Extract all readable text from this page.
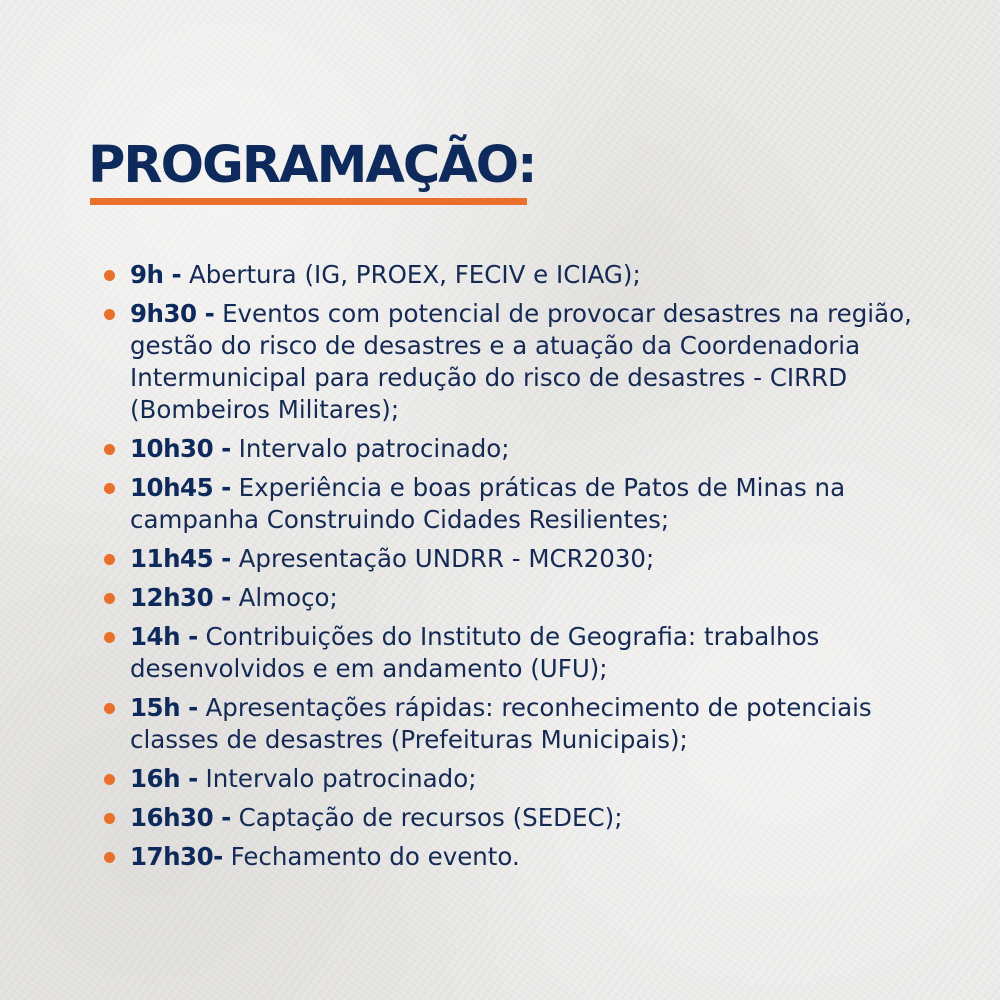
PROGRAMAÇÃO:
9h - Abertura (IG, PROEX, FECIV e ICIAG);
9h30 - Eventos com potencial de provocar desastres na região, gestão do risco de desastres e a atuação da Coordenadoria Intermunicipal para redução do risco de desastres - CIRRD (Bombeiros Militares);
10h30 - Intervalo patrocinado;
10h45 - Experiência e boas práticas de Patos de Minas na campanha Construindo Cidades Resilientes;
11h45 - Apresentação UNDRR - MCR2030;
12h30 - Almoço;
14h - Contribuições do Instituto de Geografia: trabalhos desenvolvidos e em andamento (UFU);
15h - Apresentações rápidas: reconhecimento de potenciais classes de desastres (Prefeituras Municipais);
16h - Intervalo patrocinado;
16h30 - Captação de recursos (SEDEC);
17h30- Fechamento do evento.
